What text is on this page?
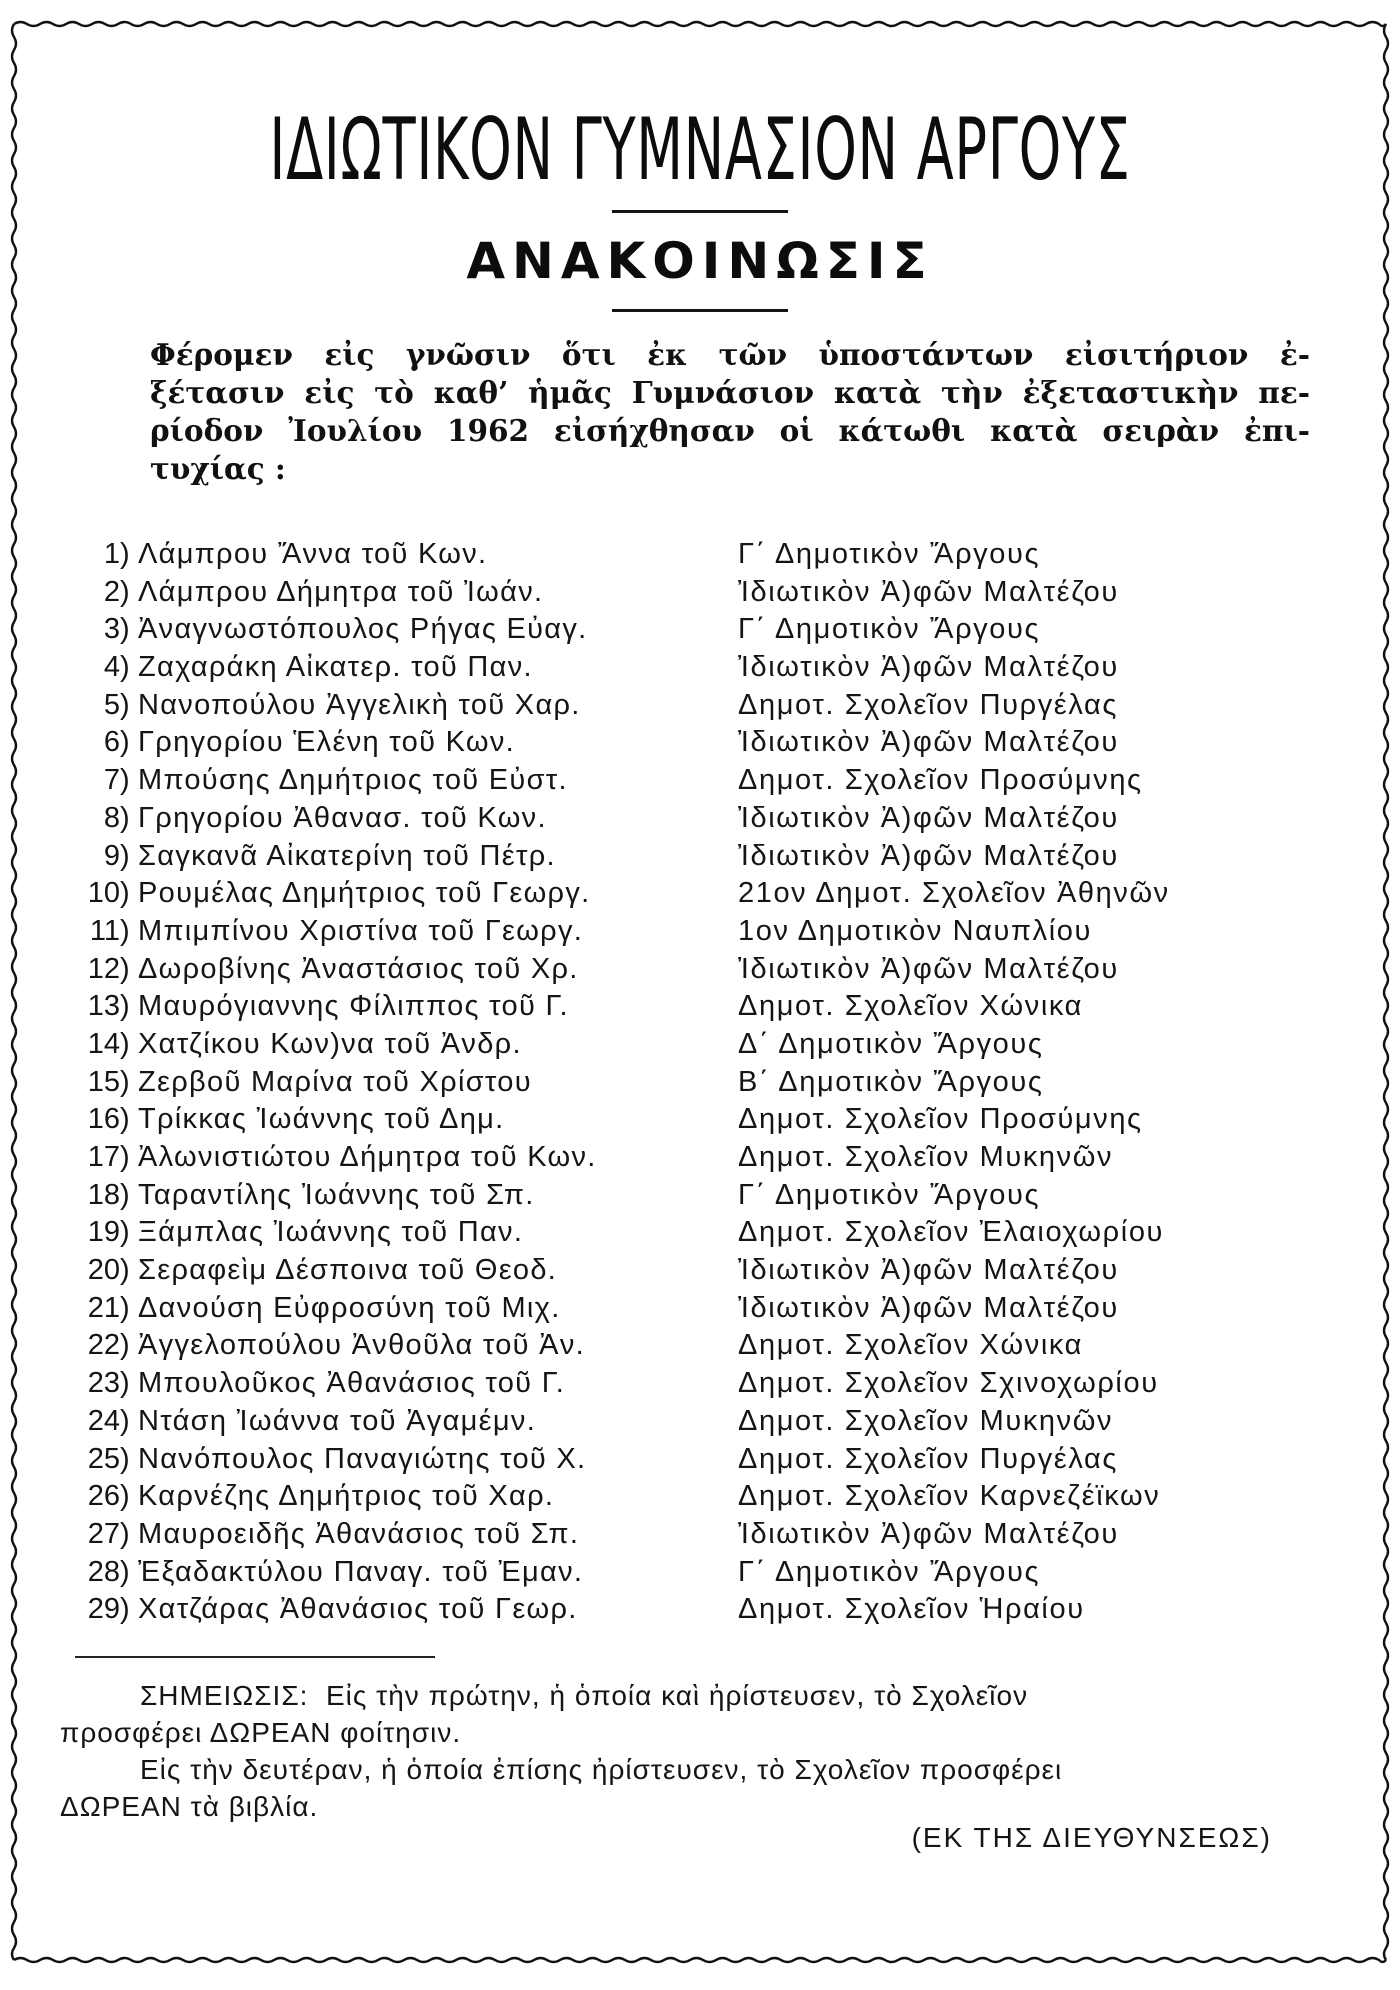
ΙΔΙΩΤΙΚΟΝ ΓΥΜΝΑΣΙΟΝ ΑΡΓΟΥΣ
ΑΝΑΚΟΙΝΩΣΙΣ
Φέρομεν εἰς γνῶσιν ὅτι ἐκ τῶν ὑποστάντων εἰσιτήριον ἐ-
ξέτασιν εἰς τὸ καθ’ ἡμᾶς Γυμνάσιον κατὰ τὴν ἐξεταστικὴν πε-
ρίοδον Ἰουλίου 1962 εἰσήχθησαν οἱ κάτωθι κατὰ σειρὰν ἐπι-
τυχίας :
1 ) Λάμπρου Ἄννα τοῦ Κων.	Γ΄ Δημοτικὸν Ἄργους
2 ) Λάμπρου Δήμητρα τοῦ Ἰωάν.	Ἰδιωτικὸν Ἀ)φῶν Μαλτέζου
3 ) Ἀναγνωστόπουλος Ρήγας Εὐαγ.	Γ΄ Δημοτικὸν Ἄργους
4 ) Ζαχαράκη Αἰκατερ. τοῦ Παν.	Ἰδιωτικὸν Ἀ)φῶν Μαλτέζου
5 ) Νανοπούλου Ἀγγελικὴ τοῦ Χαρ.	Δημοτ. Σχολεῖον Πυργέλας
6 ) Γρηγορίου Ἑλένη τοῦ Κων.	Ἰδιωτικὸν Ἀ)φῶν Μαλτέζου
7 ) Μπούσης Δημήτριος τοῦ Εὐστ.	Δημοτ. Σχολεῖον Προσύμνης
8 ) Γρηγορίου Ἀθανασ. τοῦ Κων.	Ἰδιωτικὸν Ἀ)φῶν Μαλτέζου
9 ) Σαγκανᾶ Αἰκατερίνη τοῦ Πέτρ.	Ἰδιωτικὸν Ἀ)φῶν Μαλτέζου
10 ) Ρουμέλας Δημήτριος τοῦ Γεωργ.	21ον Δημοτ. Σχολεῖον Ἀθηνῶν
11 ) Μπιμπίνου Χριστίνα τοῦ Γεωργ.	1ον Δημοτικὸν Ναυπλίου
12 ) Δωροβίνης Ἀναστάσιος τοῦ Χρ.	Ἰδιωτικὸν Ἀ)φῶν Μαλτέζου
13 ) Μαυρόγιαννης Φίλιππος τοῦ Γ.	Δημοτ. Σχολεῖον Χώνικα
14 ) Χατζίκου Κων)να τοῦ Ἀνδρ.	Δ΄ Δημοτικὸν Ἄργους
15 ) Ζερβοῦ Μαρίνα τοῦ Χρίστου	Β΄ Δημοτικὸν Ἄργους
16 ) Τρίκκας Ἰωάννης τοῦ Δημ.	Δημοτ. Σχολεῖον Προσύμνης
17 ) Ἀλωνιστιώτου Δήμητρα τοῦ Κων.	Δημοτ. Σχολεῖον Μυκηνῶν
18 ) Ταραντίλης Ἰωάννης τοῦ Σπ.	Γ΄ Δημοτικὸν Ἄργους
19 ) Ξάμπλας Ἰωάννης τοῦ Παν.	Δημοτ. Σχολεῖον Ἐλαιοχωρίου
20 ) Σεραφεὶμ Δέσποινα τοῦ Θεοδ.	Ἰδιωτικὸν Ἀ)φῶν Μαλτέζου
21 ) Δανούση Εὐφροσύνη τοῦ Μιχ.	Ἰδιωτικὸν Ἀ)φῶν Μαλτέζου
22 ) Ἀγγελοπούλου Ἀνθοῦλα τοῦ Ἀν.	Δημοτ. Σχολεῖον Χώνικα
23 ) Μπουλοῦκος Ἀθανάσιος τοῦ Γ.	Δημοτ. Σχολεῖον Σχινοχωρίου
24 ) Ντάση Ἰωάννα τοῦ Ἀγαμέμν.	Δημοτ. Σχολεῖον Μυκηνῶν
25 ) Νανόπουλος Παναγιώτης τοῦ Χ.	Δημοτ. Σχολεῖον Πυργέλας
26 ) Καρνέζης Δημήτριος τοῦ Χαρ.	Δημοτ. Σχολεῖον Καρνεζέϊκων
27 ) Μαυροειδῆς Ἀθανάσιος τοῦ Σπ.	Ἰδιωτικὸν Ἀ)φῶν Μαλτέζου
28 ) Ἐξαδακτύλου Παναγ. τοῦ Ἐμαν.	Γ΄ Δημοτικὸν Ἄργους
29 ) Χατζάρας Ἀθανάσιος τοῦ Γεωρ.	Δημοτ. Σχολεῖον Ἡραίου
ΣΗΜΕΙΩΣΙΣ: Εἰς τὴν πρώτην, ἡ ὁποία καὶ ἠρίστευσεν, τὸ Σχολεῖον
προσφέρει ΔΩΡΕΑΝ φοίτησιν.
Εἰς τὴν δευτέραν, ἡ ὁποία ἐπίσης ἠρίστευσεν, τὸ Σχολεῖον προσφέρει
ΔΩΡΕΑΝ τὰ βιβλία.
(ΕΚ ΤΗΣ ΔΙΕΥΘΥΝΣΕΩΣ)
